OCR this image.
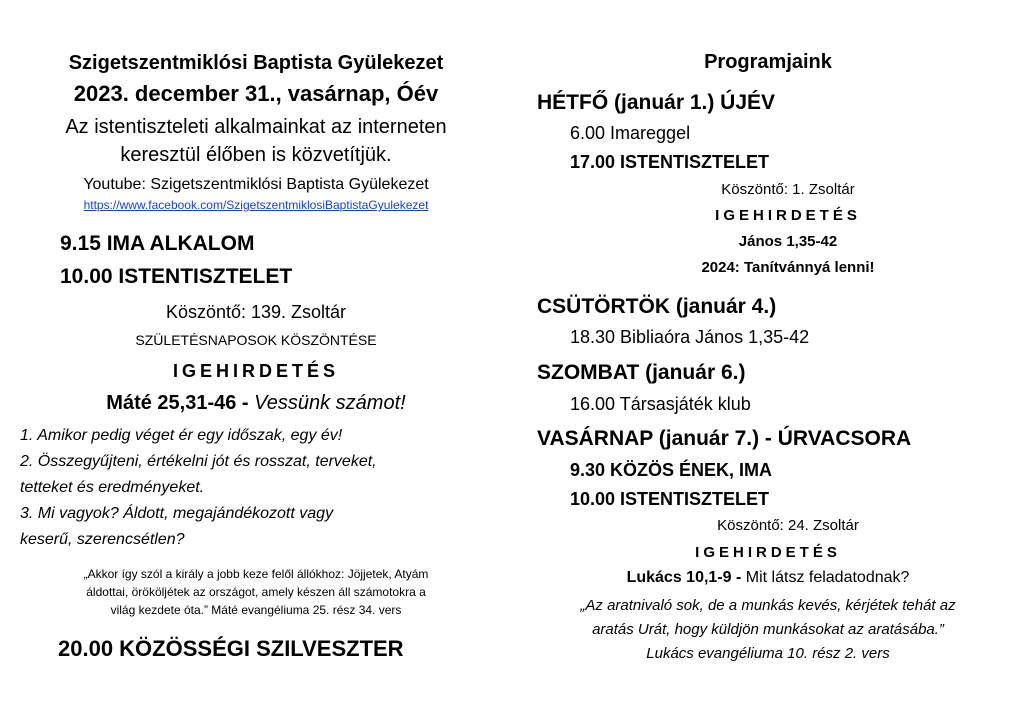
Szigetszentmiklósi Baptista Gyülekezet
2023. december 31., vasárnap, Óév
Az istentiszteleti alkalmainkat az interneten
keresztül élőben is közvetítjük.
Youtube: Szigetszentmiklósi Baptista Gyülekezet
https://www.facebook.com/SzigetszentmiklosiBaptistaGyulekezet
9.15 IMA ALKALOM
10.00 ISTENTISZTELET
Köszöntő: 139. Zsoltár
SZÜLETÉSNAPOSOK KÖSZÖNTÉSE
IGEHIRDETÉS
Máté 25,31-46 - Vessünk számot!
1. Amikor pedig véget ér egy időszak, egy év!
2. Összegyűjteni, értékelni jót és rosszat, terveket,
tetteket és eredményeket.
3. Mi vagyok? Áldott, megajándékozott vagy
keserű, szerencsétlen?
„Akkor így szól a király a jobb keze felől állókhoz: Jöjjetek, Atyám
áldottai, örököljétek az országot, amely készen áll számotokra a
világ kezdete óta.” Máté evangéliuma 25. rész 34. vers
20.00 KÖZÖSSÉGI SZILVESZTER
Programjaink
HÉTFŐ (január 1.) ÚJÉV
6.00 Imareggel
17.00 ISTENTISZTELET
Köszöntő: 1. Zsoltár
IGEHIRDETÉS
János 1,35-42
2024: Tanítvánnyá lenni!
CSÜTÖRTÖK (január 4.)
18.30 Bibliaóra János 1,35-42
SZOMBAT (január 6.)
16.00 Társasjáték klub
VASÁRNAP (január 7.) - ÚRVACSORA
9.30 KÖZÖS ÉNEK, IMA
10.00 ISTENTISZTELET
Köszöntő: 24. Zsoltár
IGEHIRDETÉS
Lukács 10,1-9 - Mit látsz feladatodnak?
„Az aratnivaló sok, de a munkás kevés, kérjétek tehát az
aratás Urát, hogy küldjön munkásokat az aratásába.”
Lukács evangéliuma 10. rész 2. vers
